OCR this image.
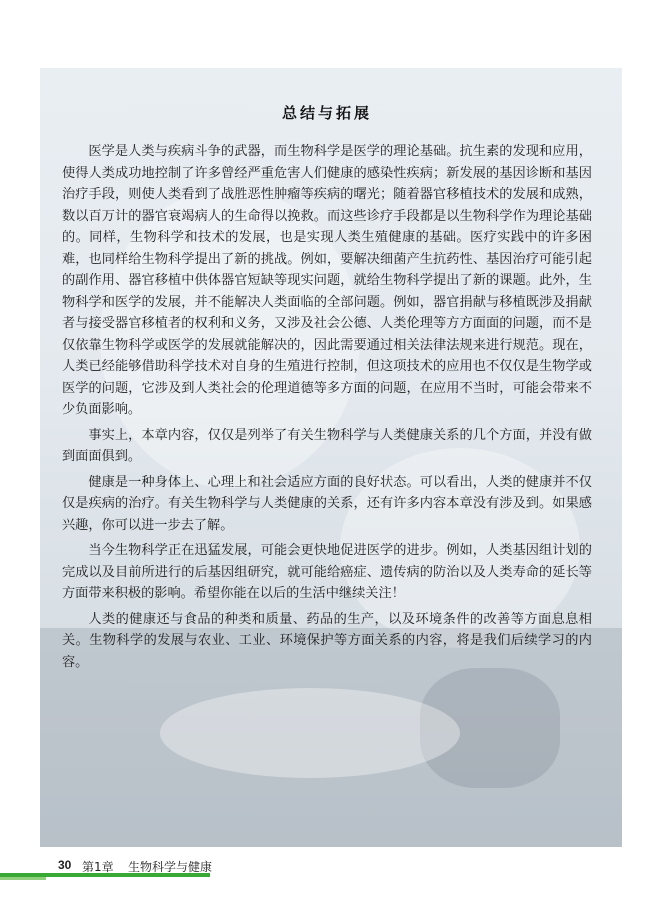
总结与拓展

医学是人类与疾病斗争的武器，而生物科学是医学的理论基础。抗生素的发现和应用，使得人类成功地控制了许多曾经严重危害人们健康的感染性疾病；新发展的基因诊断和基因治疗手段，则使人类看到了战胜恶性肿瘤等疾病的曙光；随着器官移植技术的发展和成熟，数以百万计的器官衰竭病人的生命得以挽救。而这些诊疗手段都是以生物科学作为理论基础的。同样，生物科学和技术的发展，也是实现人类生殖健康的基础。医疗实践中的许多困难，也同样给生物科学提出了新的挑战。例如，要解决细菌产生抗药性、基因治疗可能引起的副作用、器官移植中供体器官短缺等现实问题，就给生物科学提出了新的课题。此外，生物科学和医学的发展，并不能解决人类面临的全部问题。例如，器官捐献与移植既涉及捐献者与接受器官移植者的权利和义务，又涉及社会公德、人类伦理等方方面面的问题，而不是仅依靠生物科学或医学的发展就能解决的，因此需要通过相关法律法规来进行规范。现在，人类已经能够借助科学技术对自身的生殖进行控制，但这项技术的应用也不仅仅是生物学或医学的问题，它涉及到人类社会的伦理道德等多方面的问题，在应用不当时，可能会带来不少负面影响。

事实上，本章内容，仅仅是列举了有关生物科学与人类健康关系的几个方面，并没有做到面面俱到。

健康是一种身体上、心理上和社会适应方面的良好状态。可以看出，人类的健康并不仅仅是疾病的治疗。有关生物科学与人类健康的关系，还有许多内容本章没有涉及到。如果感兴趣，你可以进一步去了解。

当今生物科学正在迅猛发展，可能会更快地促进医学的进步。例如，人类基因组计划的完成以及目前所进行的后基因组研究，就可能给癌症、遗传病的防治以及人类寿命的延长等方面带来积极的影响。希望你能在以后的生活中继续关注！

人类的健康还与食品的种类和质量、药品的生产，以及环境条件的改善等方面息息相关。生物科学的发展与农业、工业、环境保护等方面关系的内容，将是我们后续学习的内容。

30 第1章 生物科学与健康
